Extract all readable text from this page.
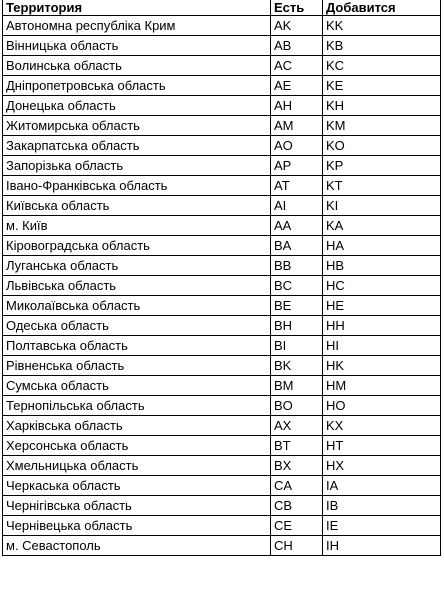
Территория	Есть	Добавится
Автономна республіка Крим	AK	KK
Вінницька область	AB	KB
Волинська область	AC	KC
Дніпропетровська область	AE	KE
Донецька область	AH	KH
Житомирська область	AM	KM
Закарпатська область	AO	KO
Запорізька область	AP	KP
Івано-Франківська область	AT	KT
Київська область	AI	KI
м. Київ	AA	KA
Кіровоградська область	BA	HA
Луганська область	BB	HB
Львівська область	BC	HC
Миколаївська область	BE	HE
Одеська область	BH	HH
Полтавська область	BI	HI
Рівненська область	BK	HK
Сумська область	BM	HM
Тернопільська область	BO	HO
Харківська область	AX	KX
Херсонська область	BT	HT
Хмельницька область	BX	HX
Черкаська область	CA	IA
Чернігівська область	CB	IB
Чернівецька область	CE	IE
м. Севастополь	CH	IH
